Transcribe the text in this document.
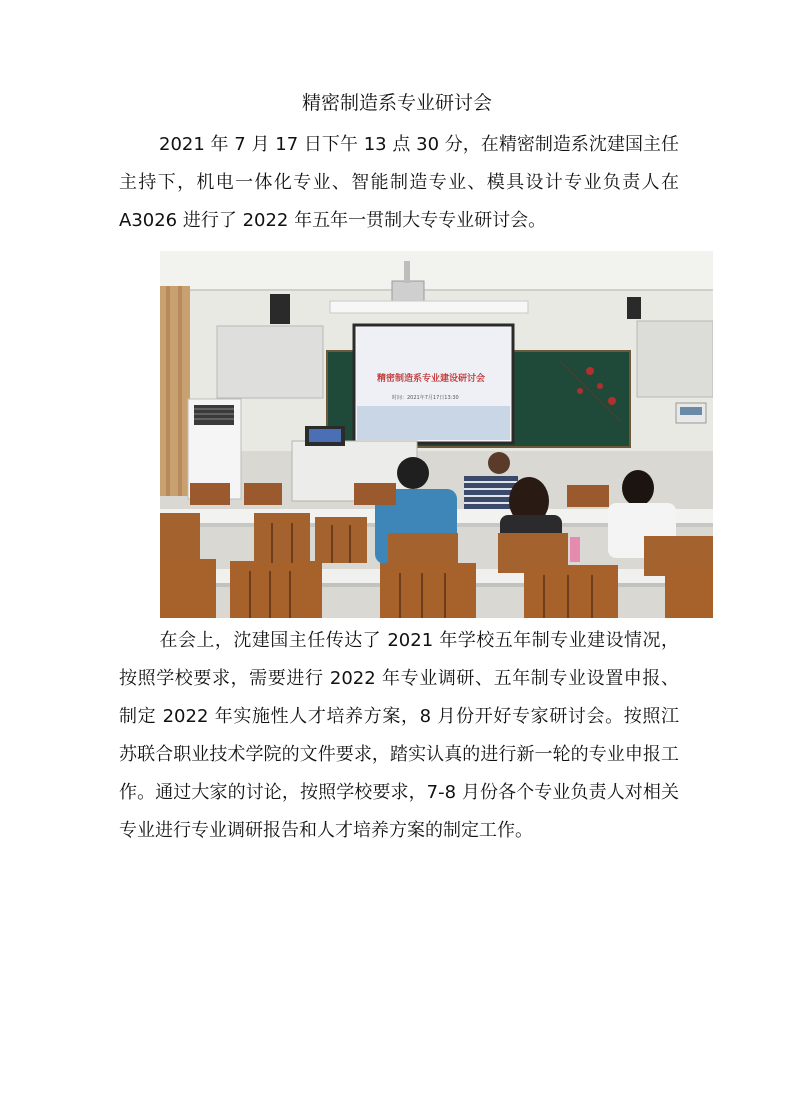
精密制造系专业研讨会
2021 年 7 月 17 日下午 13 点 30 分，在精密制造系沈建国主任主持下，机电一体化专业、智能制造专业、模具设计专业负责人在 A3026 进行了 2022 年五年一贯制大专专业研讨会。
精密制造系专业建设研讨会
时间：2021年7月17日13:30
在会上，沈建国主任传达了 2021 年学校五年制专业建设情况，按照学校要求，需要进行 2022 年专业调研、五年制专业设置申报、制定 2022 年实施性人才培养方案，8 月份开好专家研讨会。按照江苏联合职业技术学院的文件要求，踏实认真的进行新一轮的专业申报工作。通过大家的讨论，按照学校要求，7-8 月份各个专业负责人对相关专业进行专业调研报告和人才培养方案的制定工作。
